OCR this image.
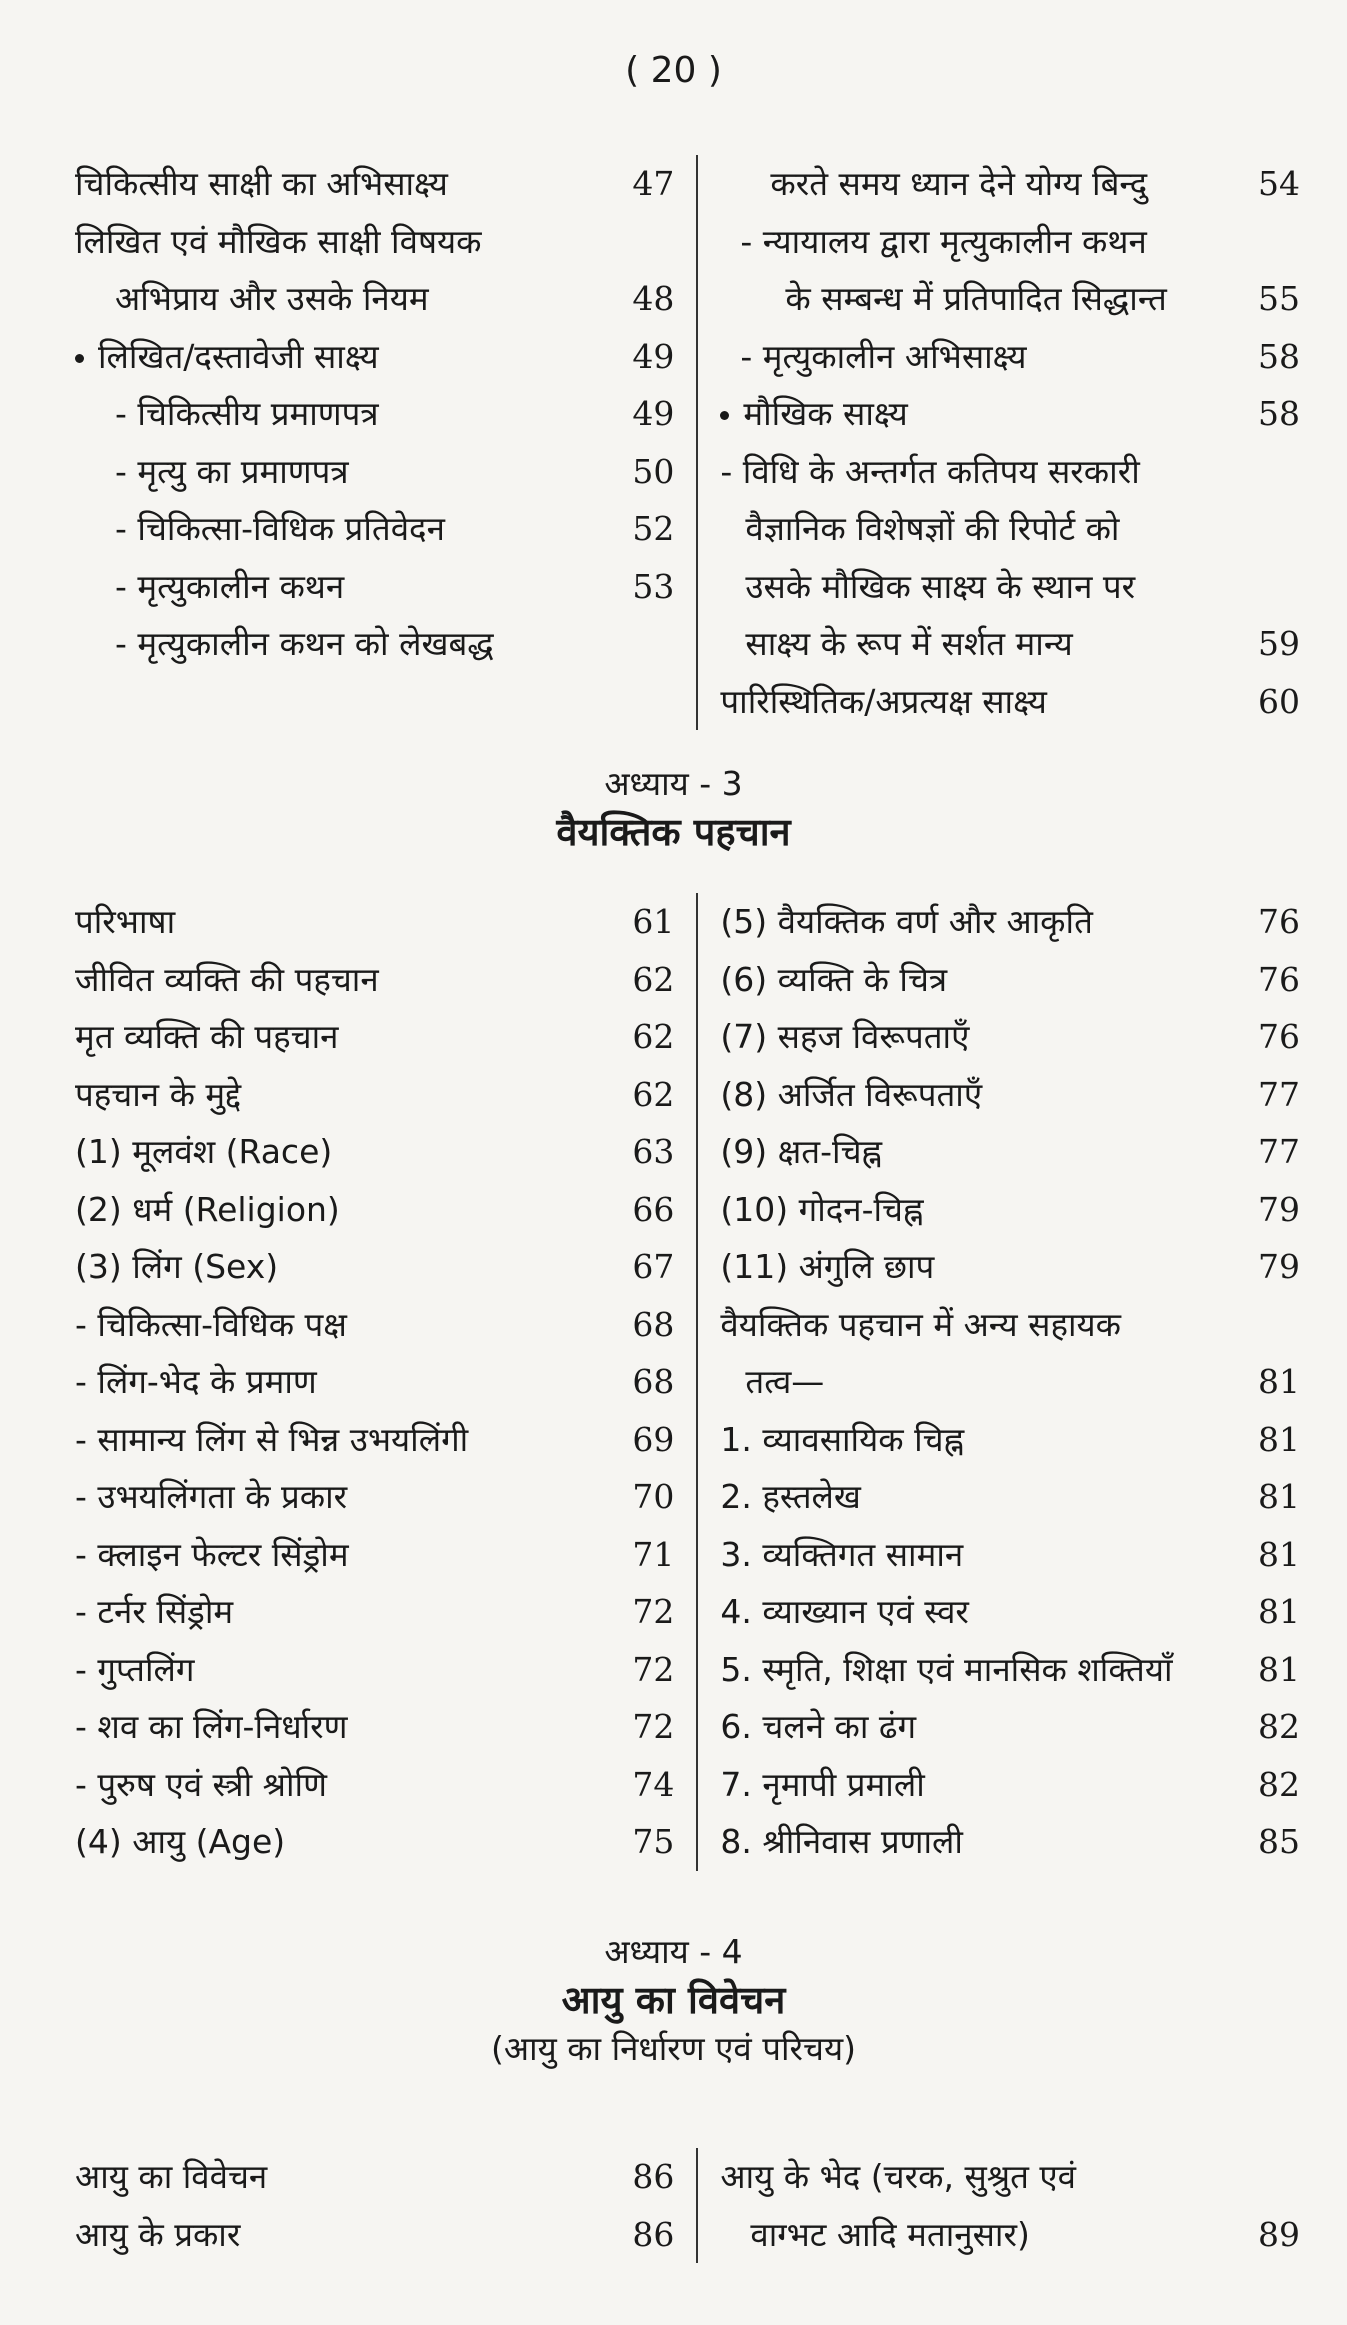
( 20 )
चिकित्सीय साक्षी का अभिसाक्ष्य	47
लिखित एवं मौखिक साक्षी विषयक
अभिप्राय और उसके नियम	48
लिखित/दस्तावेजी साक्ष्य	49
- चिकित्सीय प्रमाणपत्र	49
- मृत्यु का प्रमाणपत्र	50
- चिकित्सा-विधिक प्रतिवेदन	52
- मृत्युकालीन कथन	53
- मृत्युकालीन कथन को लेखबद्ध
करते समय ध्यान देने योग्य बिन्दु	54
- न्यायालय द्वारा मृत्युकालीन कथन
के सम्बन्ध में प्रतिपादित सिद्धान्त	55
- मृत्युकालीन अभिसाक्ष्य	58
मौखिक साक्ष्य	58
- विधि के अन्तर्गत कतिपय सरकारी
वैज्ञानिक विशेषज्ञों की रिपोर्ट को
उसके मौखिक साक्ष्य के स्थान पर
साक्ष्य के रूप में सर्शत मान्य	59
पारिस्थितिक/अप्रत्यक्ष साक्ष्य	60
अध्याय - 3
वैयक्तिक पहचान
परिभाषा	61
जीवित व्यक्ति की पहचान	62
मृत व्यक्ति की पहचान	62
पहचान के मुद्दे	62
(1) मूलवंश (Race)	63
(2) धर्म (Religion)	66
(3) लिंग (Sex)	67
- चिकित्सा-विधिक पक्ष	68
- लिंग-भेद के प्रमाण	68
- सामान्य लिंग से भिन्न उभयलिंगी	69
- उभयलिंगता के प्रकार	70
- क्लाइन फेल्टर सिंड्रोम	71
- टर्नर सिंड्रोम	72
- गुप्तलिंग	72
- शव का लिंग-निर्धारण	72
- पुरुष एवं स्त्री श्रोणि	74
(4) आयु (Age)	75
(5) वैयक्तिक वर्ण और आकृति	76
(6) व्यक्ति के चित्र	76
(7) सहज विरूपताएँ	76
(8) अर्जित विरूपताएँ	77
(9) क्षत-चिह्न	77
(10) गोदन-चिह्न	79
(11) अंगुलि छाप	79
वैयक्तिक पहचान में अन्य सहायक
तत्व—	81
1. व्यावसायिक चिह्न	81
2. हस्तलेख	81
3. व्यक्तिगत सामान	81
4. व्याख्यान एवं स्वर	81
5. स्मृति, शिक्षा एवं मानसिक शक्तियाँ	81
6. चलने का ढंग	82
7. नृमापी प्रमाली	82
8. श्रीनिवास प्रणाली	85
अध्याय - 4
आयु का विवेचन
(आयु का निर्धारण एवं परिचय)
आयु का विवेचन	86
आयु के प्रकार	86
आयु के भेद (चरक, सुश्रुत एवं
वाग्भट आदि मतानुसार)	89
